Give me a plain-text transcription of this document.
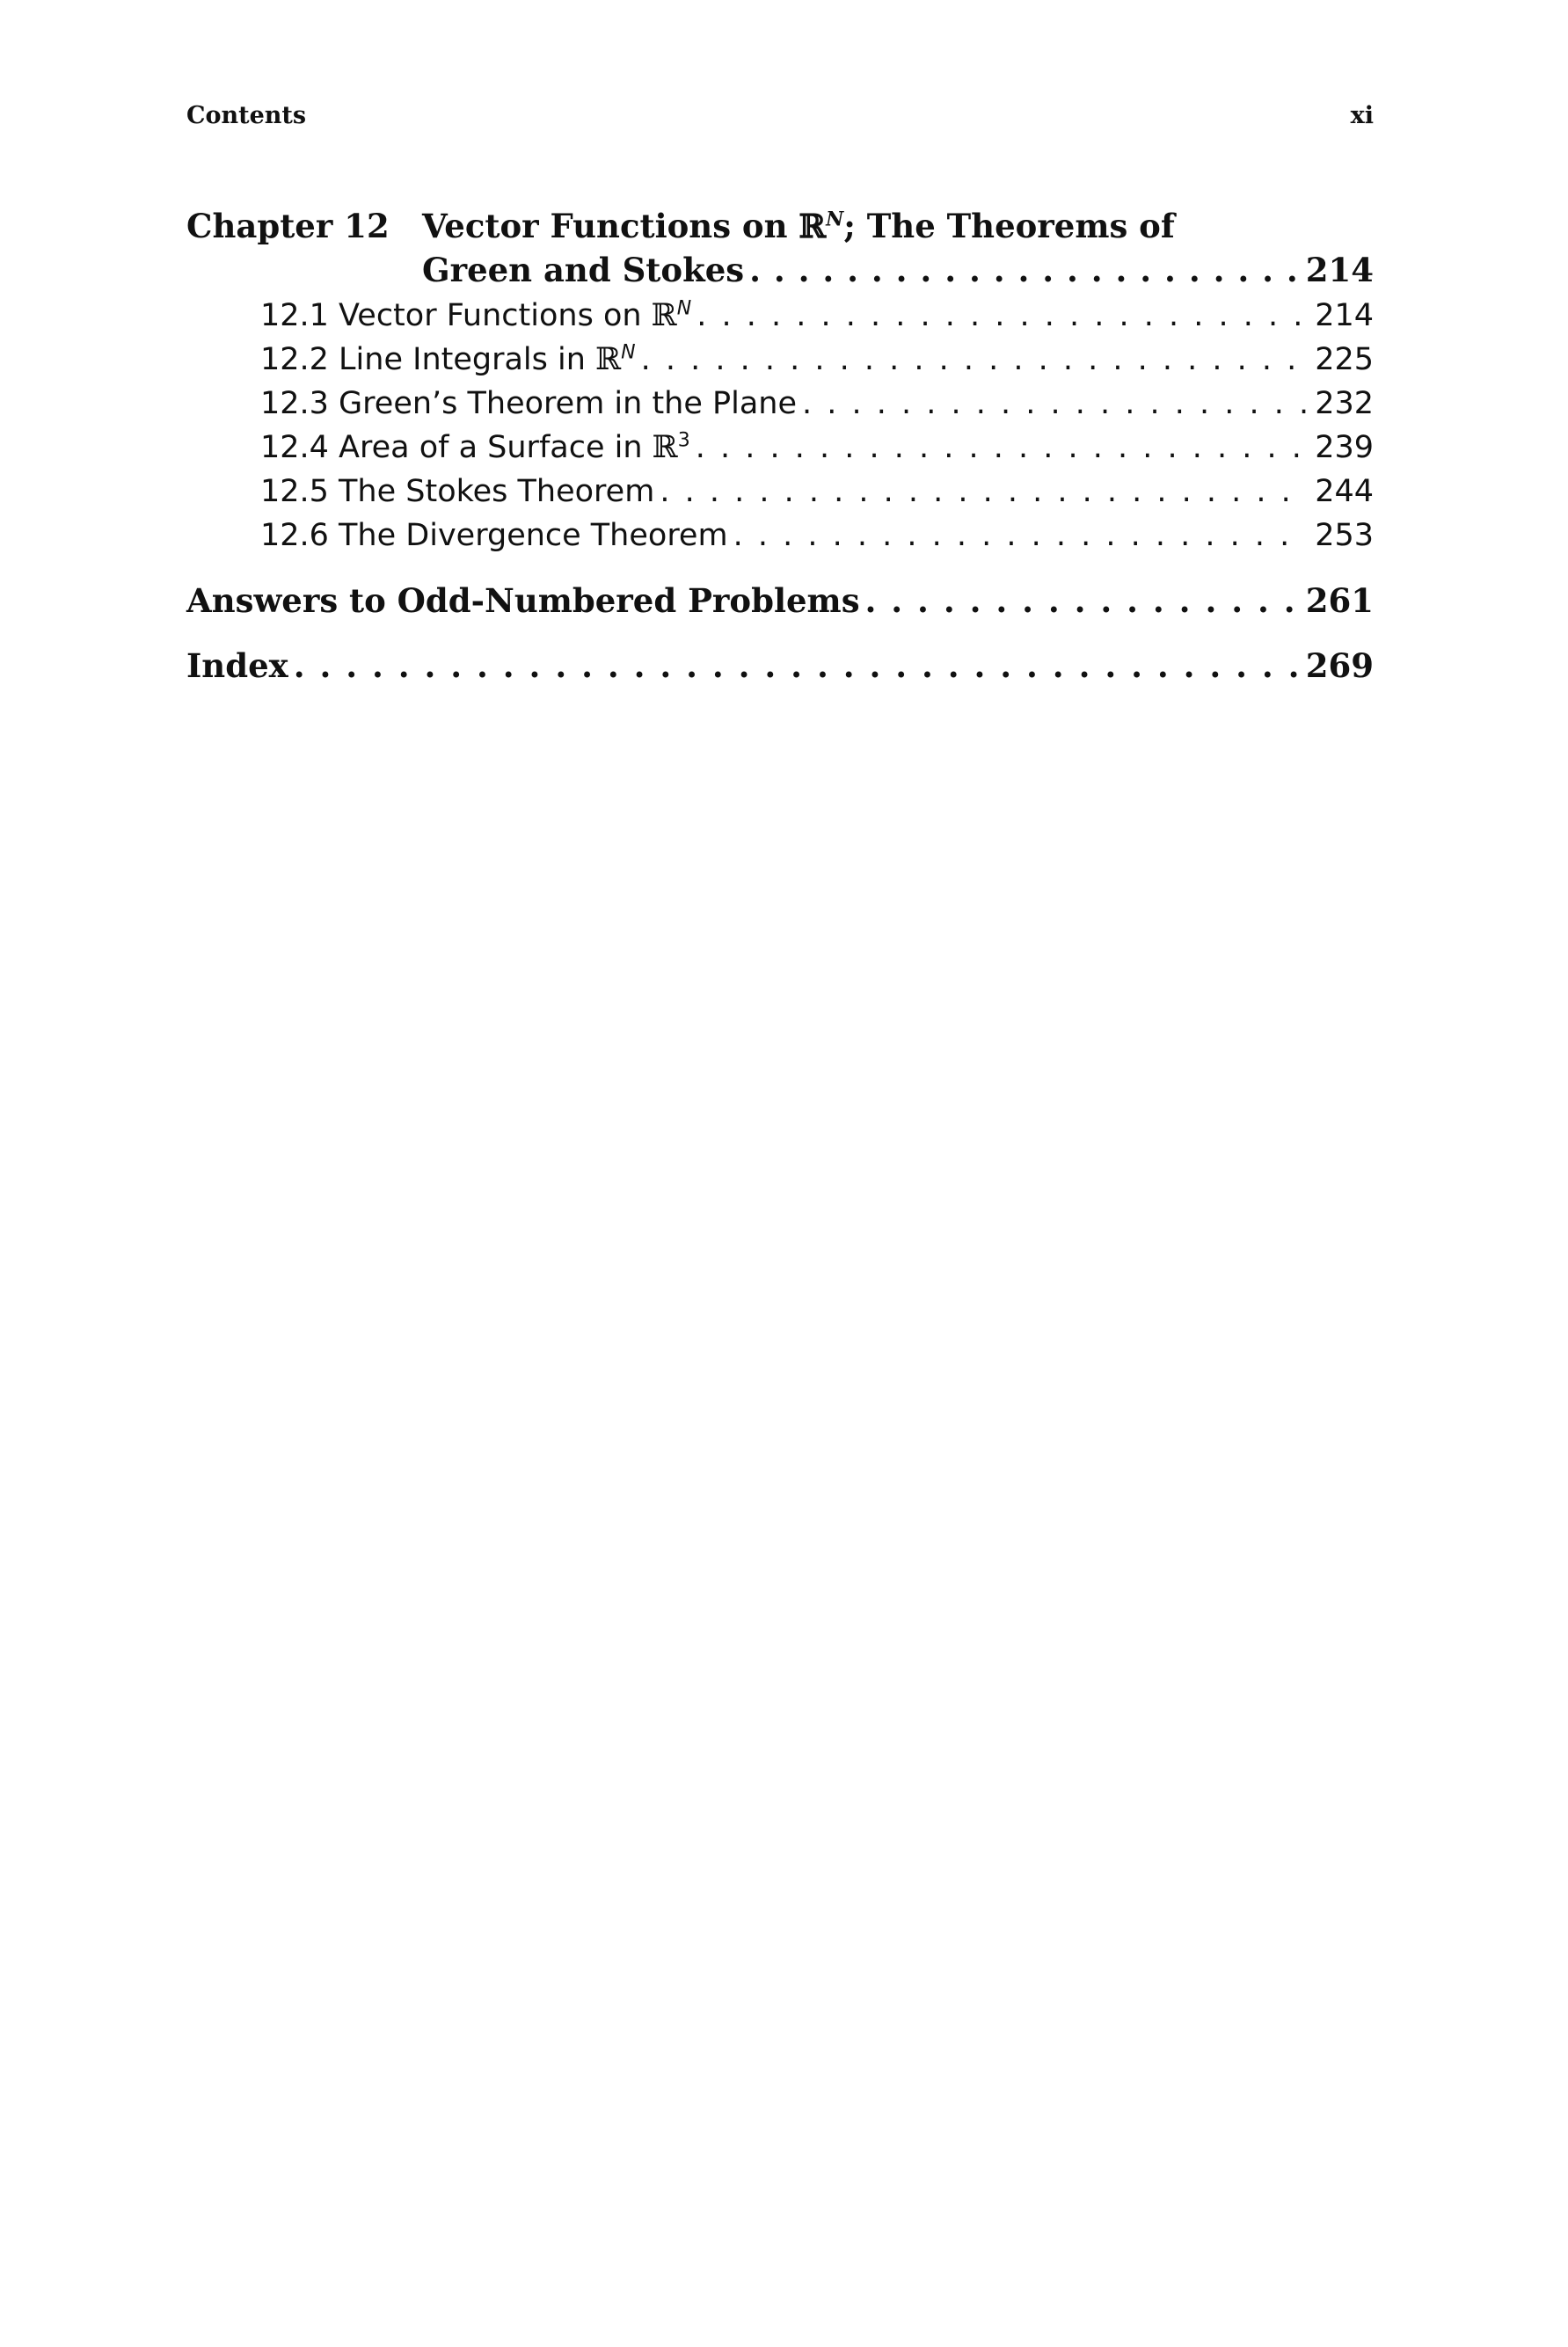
Contents	xi
Chapter 12	Vector Functions on ℝ$^N$; The Theorems of
Green and Stokes . . .	214
12.1 Vector Functions on ℝ$^N$ . . .	214
12.2 Line Integrals in ℝ$^N$ . . .	225
12.3 Green’s Theorem in the Plane . . .	232
12.4 Area of a Surface in ℝ$^3$ . . .	239
12.5 The Stokes Theorem . . .	244
12.6 The Divergence Theorem . . .	253
Answers to Odd-Numbered Problems . . .	261
Index . . .	269
